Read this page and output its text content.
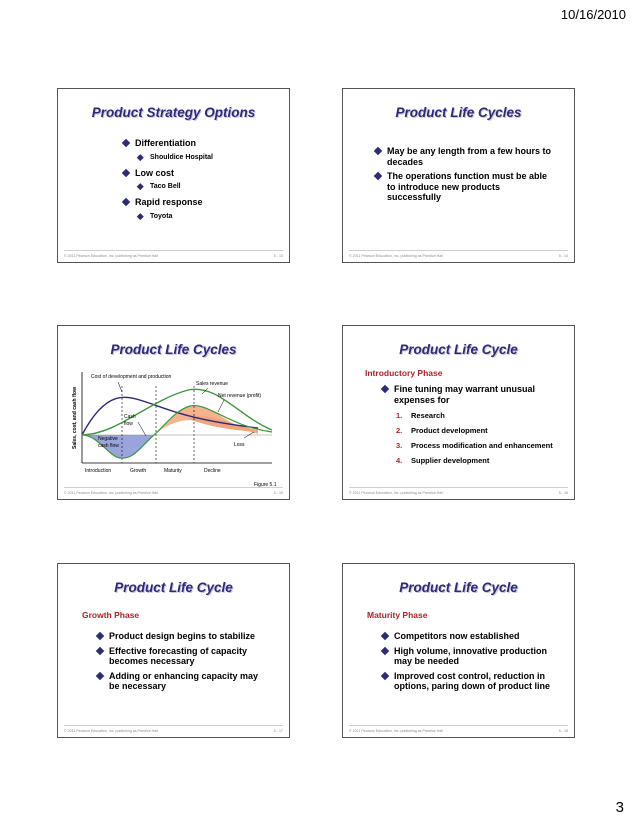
10/16/2010
Product Strategy Options
Differentiation
Shouldice Hospital
Low cost
Taco Bell
Rapid response
Toyota
© 2011 Pearson Education, Inc. publishing as Prentice Hall	5 - 13
Product Life Cycles
May be any length from a few hours to decades
The operations function must be able to introduce new products successfully
© 2011 Pearson Education, Inc. publishing as Prentice Hall	5 - 14
Product Life Cycles
Sales, cost, and cash flow
Cost of development and production
Sales revenue
Net revenue (profit)
Cash
flow
Negative
cash flow	Loss
Introduction	Growth	Maturity	Decline
Figure 5.1
© 2011 Pearson Education, Inc. publishing as Prentice Hall	5 - 15
Product Life Cycle
Introductory Phase
Fine tuning may warrant unusual expenses for
1. Research
2. Product development
3. Process modification and enhancement
4. Supplier development
© 2011 Pearson Education, Inc. publishing as Prentice Hall	5 - 16
Product Life Cycle
Growth Phase
Product design begins to stabilize
Effective forecasting of capacity becomes necessary
Adding or enhancing capacity may be necessary
© 2011 Pearson Education, Inc. publishing as Prentice Hall	5 - 17
Product Life Cycle
Maturity Phase
Competitors now established
High volume, innovative production may be needed
Improved cost control, reduction in options, paring down of product line
© 2011 Pearson Education, Inc. publishing as Prentice Hall	5 - 18
3
